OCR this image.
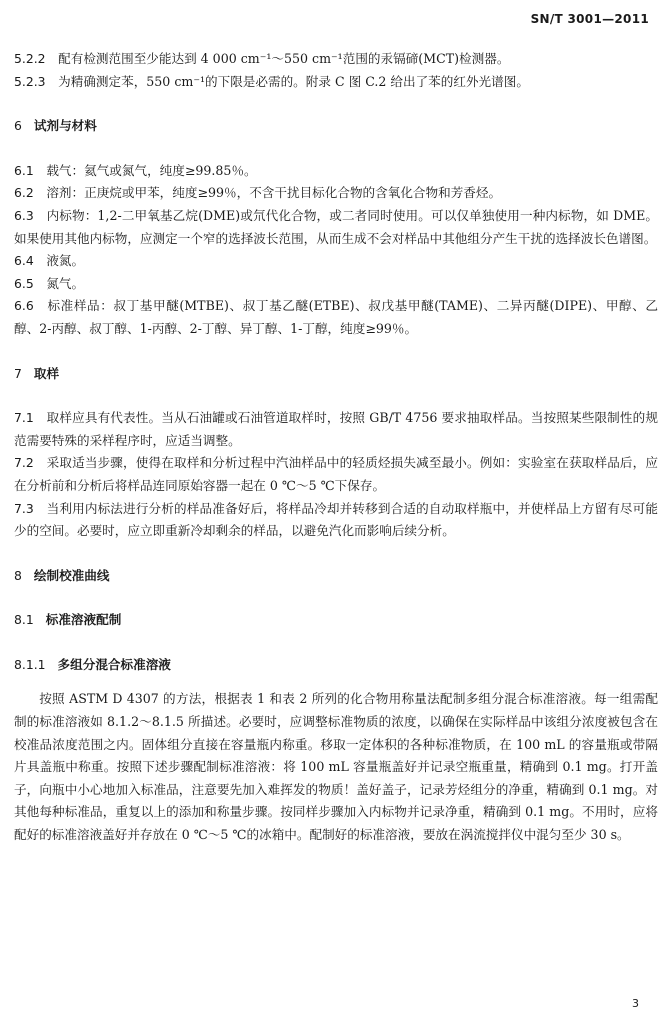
SN/T 3001—2011

5.2.2　 配有检测范围至少能达到 4 000 cm⁻¹～550 cm⁻¹范围的汞镉碲(MCT)检测器。

5.2.3　 为精确测定苯，550 cm⁻¹的下限是必需的。附录 C 图 C.2 给出了苯的红外光谱图。

6 试剂与材料

6.1　 载气：氦气或氮气，纯度≥99.85％。

6.2　 溶剂：正庚烷或甲苯，纯度≥99％，不含干扰目标化合物的含氧化合物和芳香烃。

6.3　 内标物：1,2-二甲氧基乙烷(DME)或氘代化合物，或二者同时使用。可以仅单独使用一种内标物，如 DME。如果使用其他内标物，应测定一个窄的选择波长范围，从而生成不会对样品中其他组分产生干扰的选择波长色谱图。

6.4　 液氮。

6.5　 氮气。

6.6　 标准样品：叔丁基甲醚(MTBE)、叔丁基乙醚(ETBE)、叔戊基甲醚(TAME)、二异丙醚(DIPE)、甲醇、乙醇、2-丙醇、叔丁醇、1-丙醇、2-丁醇、异丁醇、1-丁醇，纯度≥99％。

7 取样

7.1　 取样应具有代表性。当从石油罐或石油管道取样时，按照 GB/T 4756 要求抽取样品。当按照某些限制性的规范需要特殊的采样程序时，应适当调整。

7.2　 采取适当步骤，使得在取样和分析过程中汽油样品中的轻质烃损失减至最小。例如：实验室在获取样品后，应在分析前和分析后将样品连同原始容器一起在 0 ℃～5 ℃下保存。

7.3　 当利用内标法进行分析的样品准备好后，将样品冷却并转移到合适的自动取样瓶中，并使样品上方留有尽可能少的空间。必要时，应立即重新冷却剩余的样品，以避免汽化而影响后续分析。

8 绘制校准曲线

8.1 标准溶液配制

8.1.1 多组分混合标准溶液

按照 ASTM D 4307 的方法，根据表 1 和表 2 所列的化合物用称量法配制多组分混合标准溶液。每一组需配制的标准溶液如 8.1.2～8.1.5 所描述。必要时，应调整标准物质的浓度，以确保在实际样品中该组分浓度被包含在校准品浓度范围之内。固体组分直接在容量瓶内称重。移取一定体积的各种标准物质，在 100 mL 的容量瓶或带隔片具盖瓶中称重。按照下述步骤配制标准溶液：将 100 mL 容量瓶盖好并记录空瓶重量，精确到 0.1 mg。打开盖子，向瓶中小心地加入标准品，注意要先加入难挥发的物质！盖好盖子，记录芳烃组分的净重，精确到 0.1 mg。对其他每种标准品，重复以上的添加和称量步骤。按同样步骤加入内标物并记录净重，精确到 0.1 mg。不用时，应将配好的标准溶液盖好并存放在 0 ℃～5 ℃的冰箱中。配制好的标准溶液，要放在涡流搅拌仪中混匀至少 30 s。

3
